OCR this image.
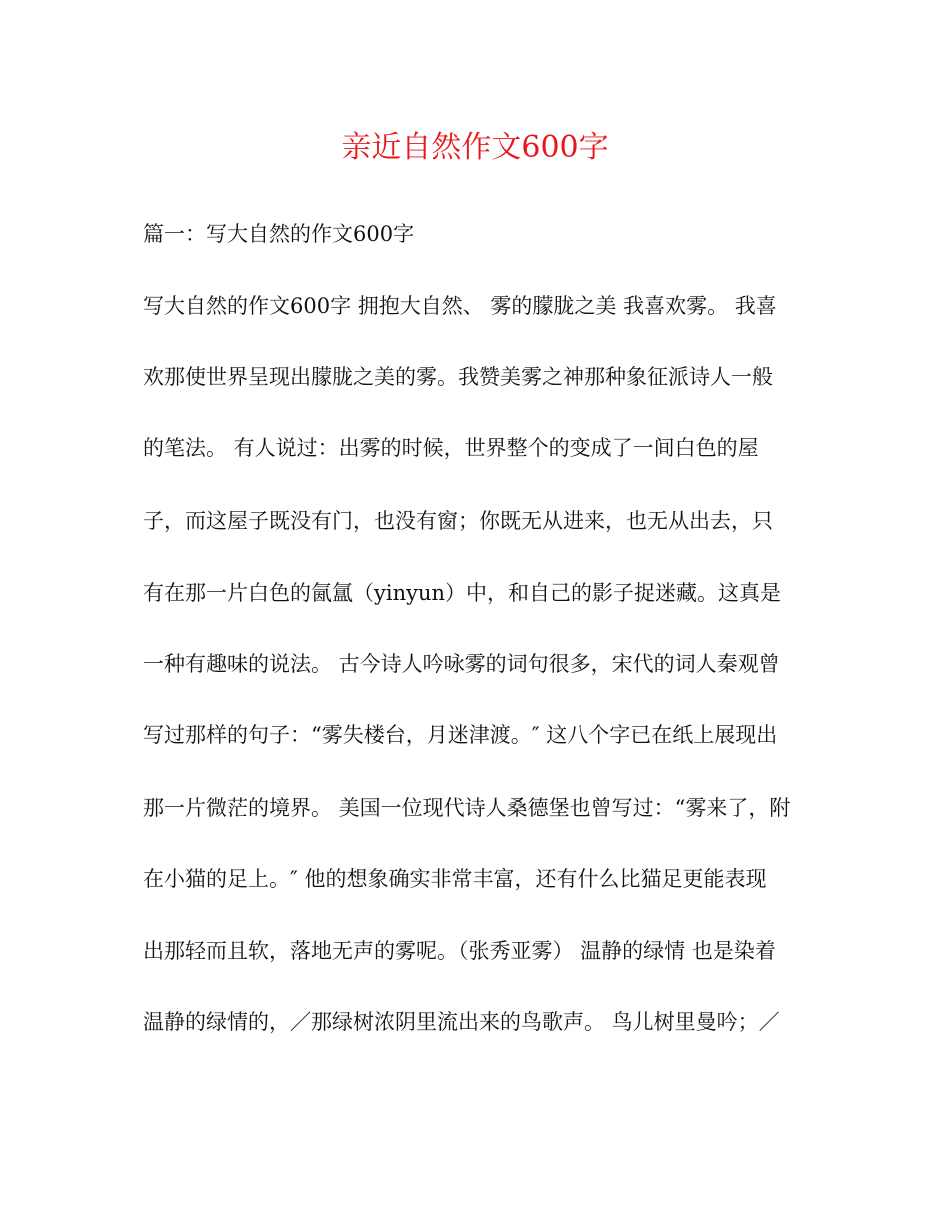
亲近自然作文600字

篇一：写大自然的作文600字

写大自然的作文600字 拥抱大自然、 雾的朦胧之美 我喜欢雾。 我喜
欢那使世界呈现出朦胧之美的雾。我赞美雾之神那种象征派诗人一般
的笔法。 有人说过：出雾的时候，世界整个的变成了一间白色的屋
子，而这屋子既没有门，也没有窗；你既无从进来，也无从出去，只
有在那一片白色的氤氲（yinyun）中，和自己的影子捉迷藏。这真是
一种有趣味的说法。 古今诗人吟咏雾的词句很多，宋代的词人秦观曾
写过那样的句子：“雾失楼台，月迷津渡。″ 这八个字已在纸上展现出
那一片微茫的境界。 美国一位现代诗人桑德堡也曾写过：“雾来了，附
在小猫的足上。″ 他的想象确实非常丰富，还有什么比猫足更能表现
出那轻而且软，落地无声的雾呢。（张秀亚雾） 温静的绿情 也是染着
温静的绿情的，／那绿树浓阴里流出来的鸟歌声。 鸟儿树里曼吟；／
